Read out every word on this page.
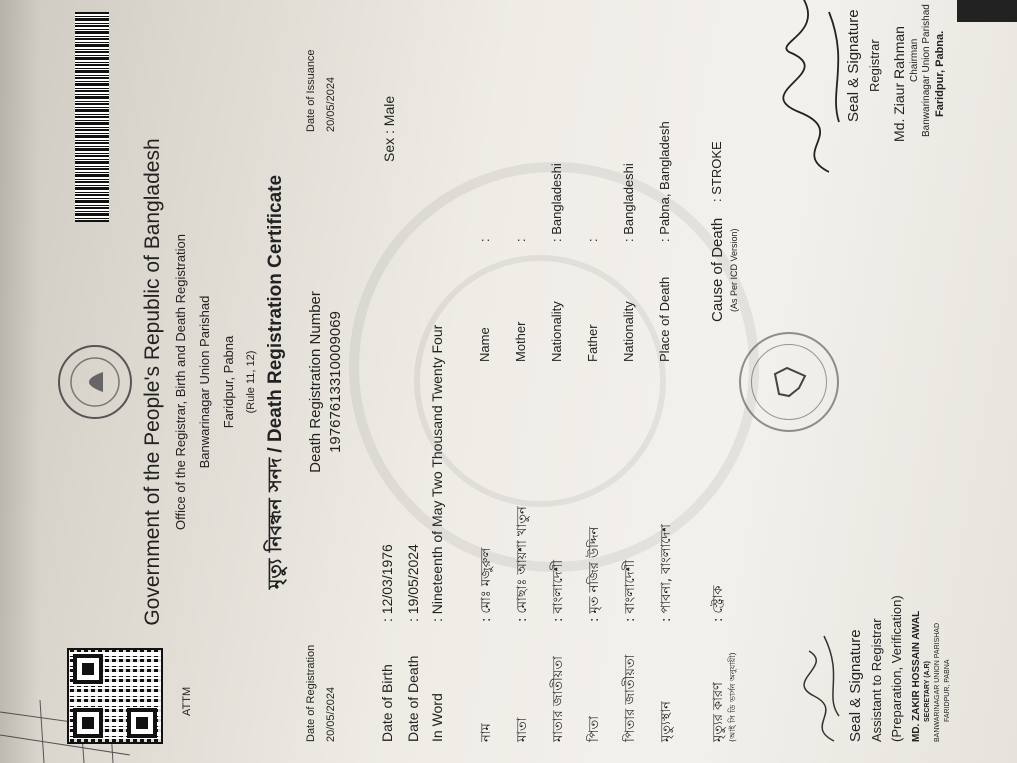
ATTM
Government of the People's Republic of Bangladesh Office of the Registrar, Birth and Death Registration Banwarinagar Union Parishad Faridpur, Pabna (Rule 11, 12)
মৃত্যু নিবন্ধন সনদ / Death Registration Certificate
Date of Registration 20/05/2024
Death Registration Number 19767613310009069
Date of Issuance 20/05/2024
Date of Birth
: 12/03/1976
Sex : Male
Date of Death
: 19/05/2024
In Word
: Nineteenth of May Two Thousand Twenty Four
নাম
: মোঃ মজুরুল
Name
:
মাতা
: মোছাঃ আয়শা খাতুন
Mother
:
মাতার জাতীয়তা
: বাংলাদেশী
Nationality
: Bangladeshi
পিতা
: মৃত নজির উদ্দিন
Father
:
পিতার জাতীয়তা
: বাংলাদেশী
Nationality
: Bangladeshi
মৃত্যুস্থান
: পাবনা, বাংলাদেশ
Place of Death
: Pabna, Bangladesh
মৃত্যুর কারণ (আই সি ডি ভার্সন অনুযায়ী)
: স্ট্রোক
Cause of Death
: STROKE
(As Per ICD Version)
Seal & Signature Assistant to Registrar (Preparation, Verification) MD. ZAKIR HOSSAIN AWAL SECRETARY (A.R) BANWARINAGAR UNION PARISHAD FARIDPUR, PABNA
Seal & Signature Registrar Md. Ziaur Rahman Chairman Banwarinagar Union Parishad Faridpur, Pabna.
